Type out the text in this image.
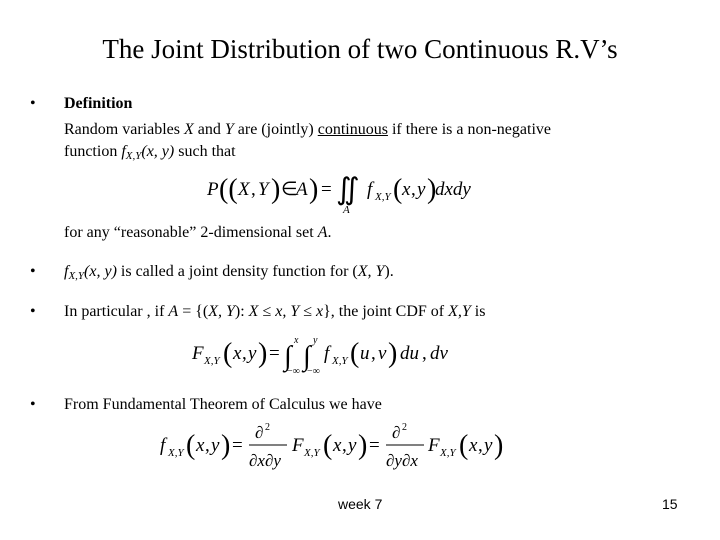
The Joint Distribution of two Continuous R.V’s
• Definition
Random variables X and Y are (jointly) continuous if there is a non-negative
function $f_{X,Y}(x$, y) such that
P (( X , Y ) ∈
A ) = ∬
A
f X,Y ( x , y )
dxdy
for any “reasonable” 2-dimensional set A.
• $f_{X,Y}(x$, y) is called a joint density function for (X, Y).
• In particular , if A = {(X, Y): X ≤ x, Y ≤ x}, the joint CDF of X,Y is
F X,Y ( x , y ) = ∫
x
−∞ ∫
y
−∞
f X,Y ( u , v ) du , dv
• From Fundamental Theorem of Calculus we have
f X,Y ( x , y ) =
∂ 2
∂x∂y
F X,Y ( x , y ) =
∂ 2
∂y∂x
F X,Y ( x , y )
week 7	15
